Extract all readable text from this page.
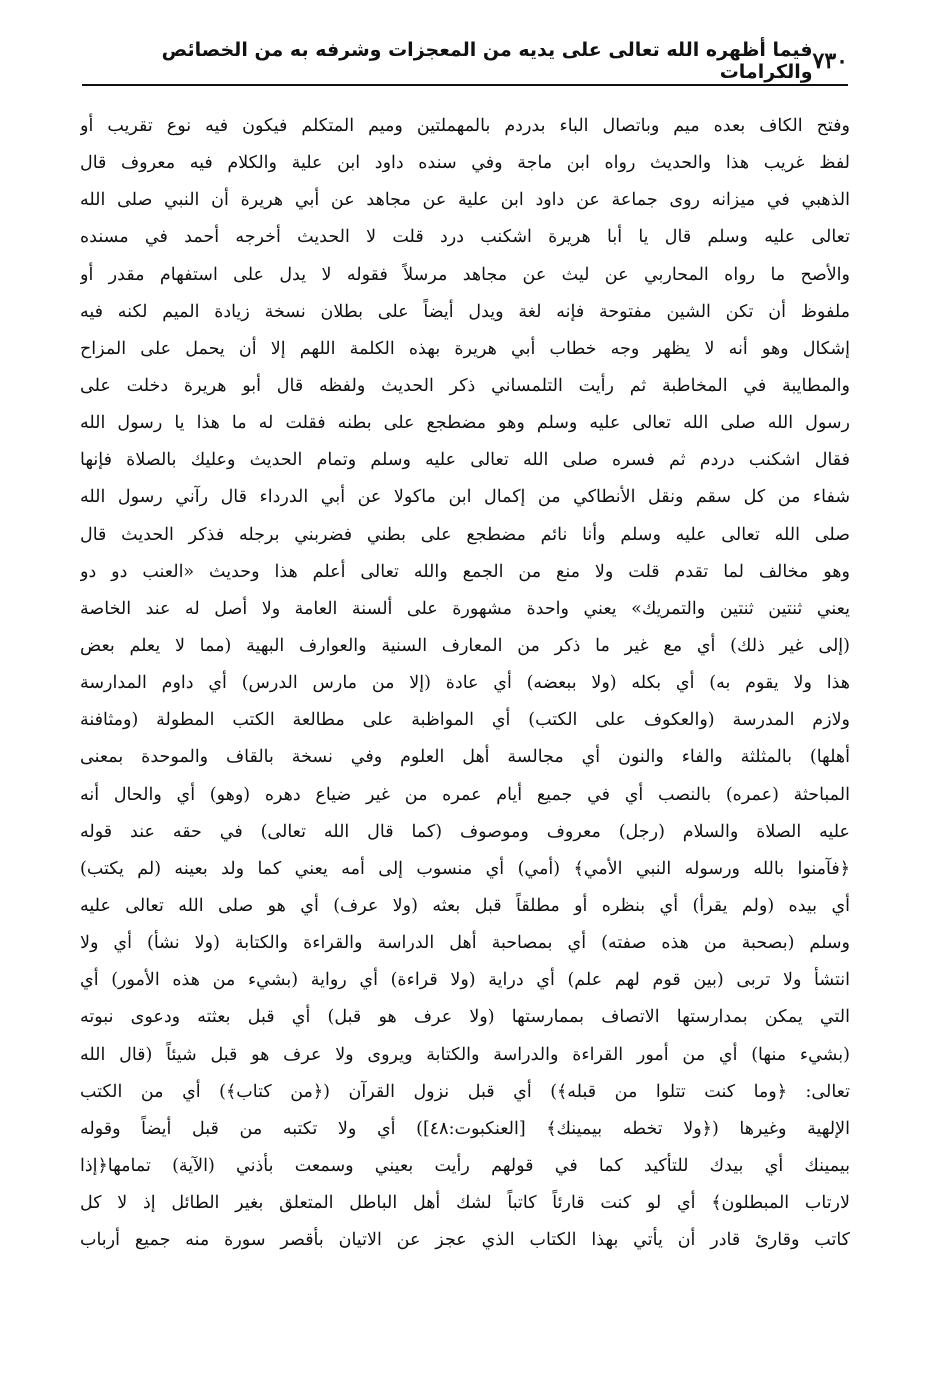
٧٣٠
فيما أظهره الله تعالى على يديه من المعجزات وشرفه به من الخصائص والكرامات
وفتح الكاف بعده ميم وباتصال الباء بدردم بالمهملتين وميم المتكلم فيكون فيه نوع تقريب أو
لفظ غريب هذا والحديث رواه ابن ماجة وفي سنده داود ابن علية والكلام فيه معروف قال
الذهبي في ميزانه روى جماعة عن داود ابن علية عن مجاهد عن أبي هريرة أن النبي صلى الله
تعالى عليه وسلم قال يا أبا هريرة اشكنب درد قلت لا الحديث أخرجه أحمد في مسنده
والأصح ما رواه المحاربي عن ليث عن مجاهد مرسلاً فقوله لا يدل على استفهام مقدر أو
ملفوظ أن تكن الشين مفتوحة فإنه لغة ويدل أيضاً على بطلان نسخة زيادة الميم لكنه فيه
إشكال وهو أنه لا يظهر وجه خطاب أبي هريرة بهذه الكلمة اللهم إلا أن يحمل على المزاح
والمطايبة في المخاطبة ثم رأيت التلمساني ذكر الحديث ولفظه قال أبو هريرة دخلت على
رسول الله صلى الله تعالى عليه وسلم وهو مضطجع على بطنه فقلت له ما هذا يا رسول الله
فقال اشكنب دردم ثم فسره صلى الله تعالى عليه وسلم وتمام الحديث وعليك بالصلاة فإنها
شفاء من كل سقم ونقل الأنطاكي من إكمال ابن ماكولا عن أبي الدرداء قال رآني رسول الله
صلى الله تعالى عليه وسلم وأنا نائم مضطجع على بطني فضربني برجله فذكر الحديث قال
وهو مخالف لما تقدم قلت ولا منع من الجمع والله تعالى أعلم هذا وحديث «العنب دو دو
يعني ثنتين ثنتين والتمريك» يعني واحدة مشهورة على ألسنة العامة ولا أصل له عند الخاصة
(إلى غير ذلك) أي مع غير ما ذكر من المعارف السنية والعوارف البهية (مما لا يعلم بعض
هذا ولا يقوم به) أي بكله (ولا ببعضه) أي عادة (إلا من مارس الدرس) أي داوم المدارسة
ولازم المدرسة (والعكوف على الكتب) أي المواظبة على مطالعة الكتب المطولة (ومثافنة
أهلها) بالمثلثة والفاء والنون أي مجالسة أهل العلوم وفي نسخة بالقاف والموحدة بمعنى
المباحثة (عمره) بالنصب أي في جميع أيام عمره من غير ضياع دهره (وهو) أي والحال أنه
عليه الصلاة والسلام (رجل) معروف وموصوف (كما قال الله تعالى) في حقه عند قوله
﴿فآمنوا بالله ورسوله النبي الأمي﴾ (أمي) أي منسوب إلى أمه يعني كما ولد بعينه (لم يكتب)
أي بيده (ولم يقرأ) أي بنظره أو مطلقاً قبل بعثه (ولا عرف) أي هو صلى الله تعالى عليه
وسلم (بصحبة من هذه صفته) أي بمصاحبة أهل الدراسة والقراءة والكتابة (ولا نشأ) أي ولا
انتشأ ولا تربى (بين قوم لهم علم) أي دراية (ولا قراءة) أي رواية (بشيء من هذه الأمور) أي
التي يمكن بمدارستها الاتصاف بممارستها (ولا عرف هو قبل) أي قبل بعثته ودعوى نبوته
(بشيء منها) أي من أمور القراءة والدراسة والكتابة ويروى ولا عرف هو قبل شيئاً (قال الله
تعالى: ﴿وما كنت تتلوا من قبله﴾) أي قبل نزول القرآن (﴿من كتاب﴾) أي من الكتب
الإلهية وغيرها (﴿ولا تخطه بيمينك﴾ [العنكبوت:٤٨]) أي ولا تكتبه من قبل أيضاً وقوله
بيمينك أي بيدك للتأكيد كما في قولهم رأيت بعيني وسمعت بأذني (الآية) تمامها﴿إذا
لارتاب المبطلون﴾ أي لو كنت قارئاً كاتباً لشك أهل الباطل المتعلق بغير الطائل إذ لا كل
كاتب وقارئ قادر أن يأتي بهذا الكتاب الذي عجز عن الاتيان بأقصر سورة منه جميع أرباب
